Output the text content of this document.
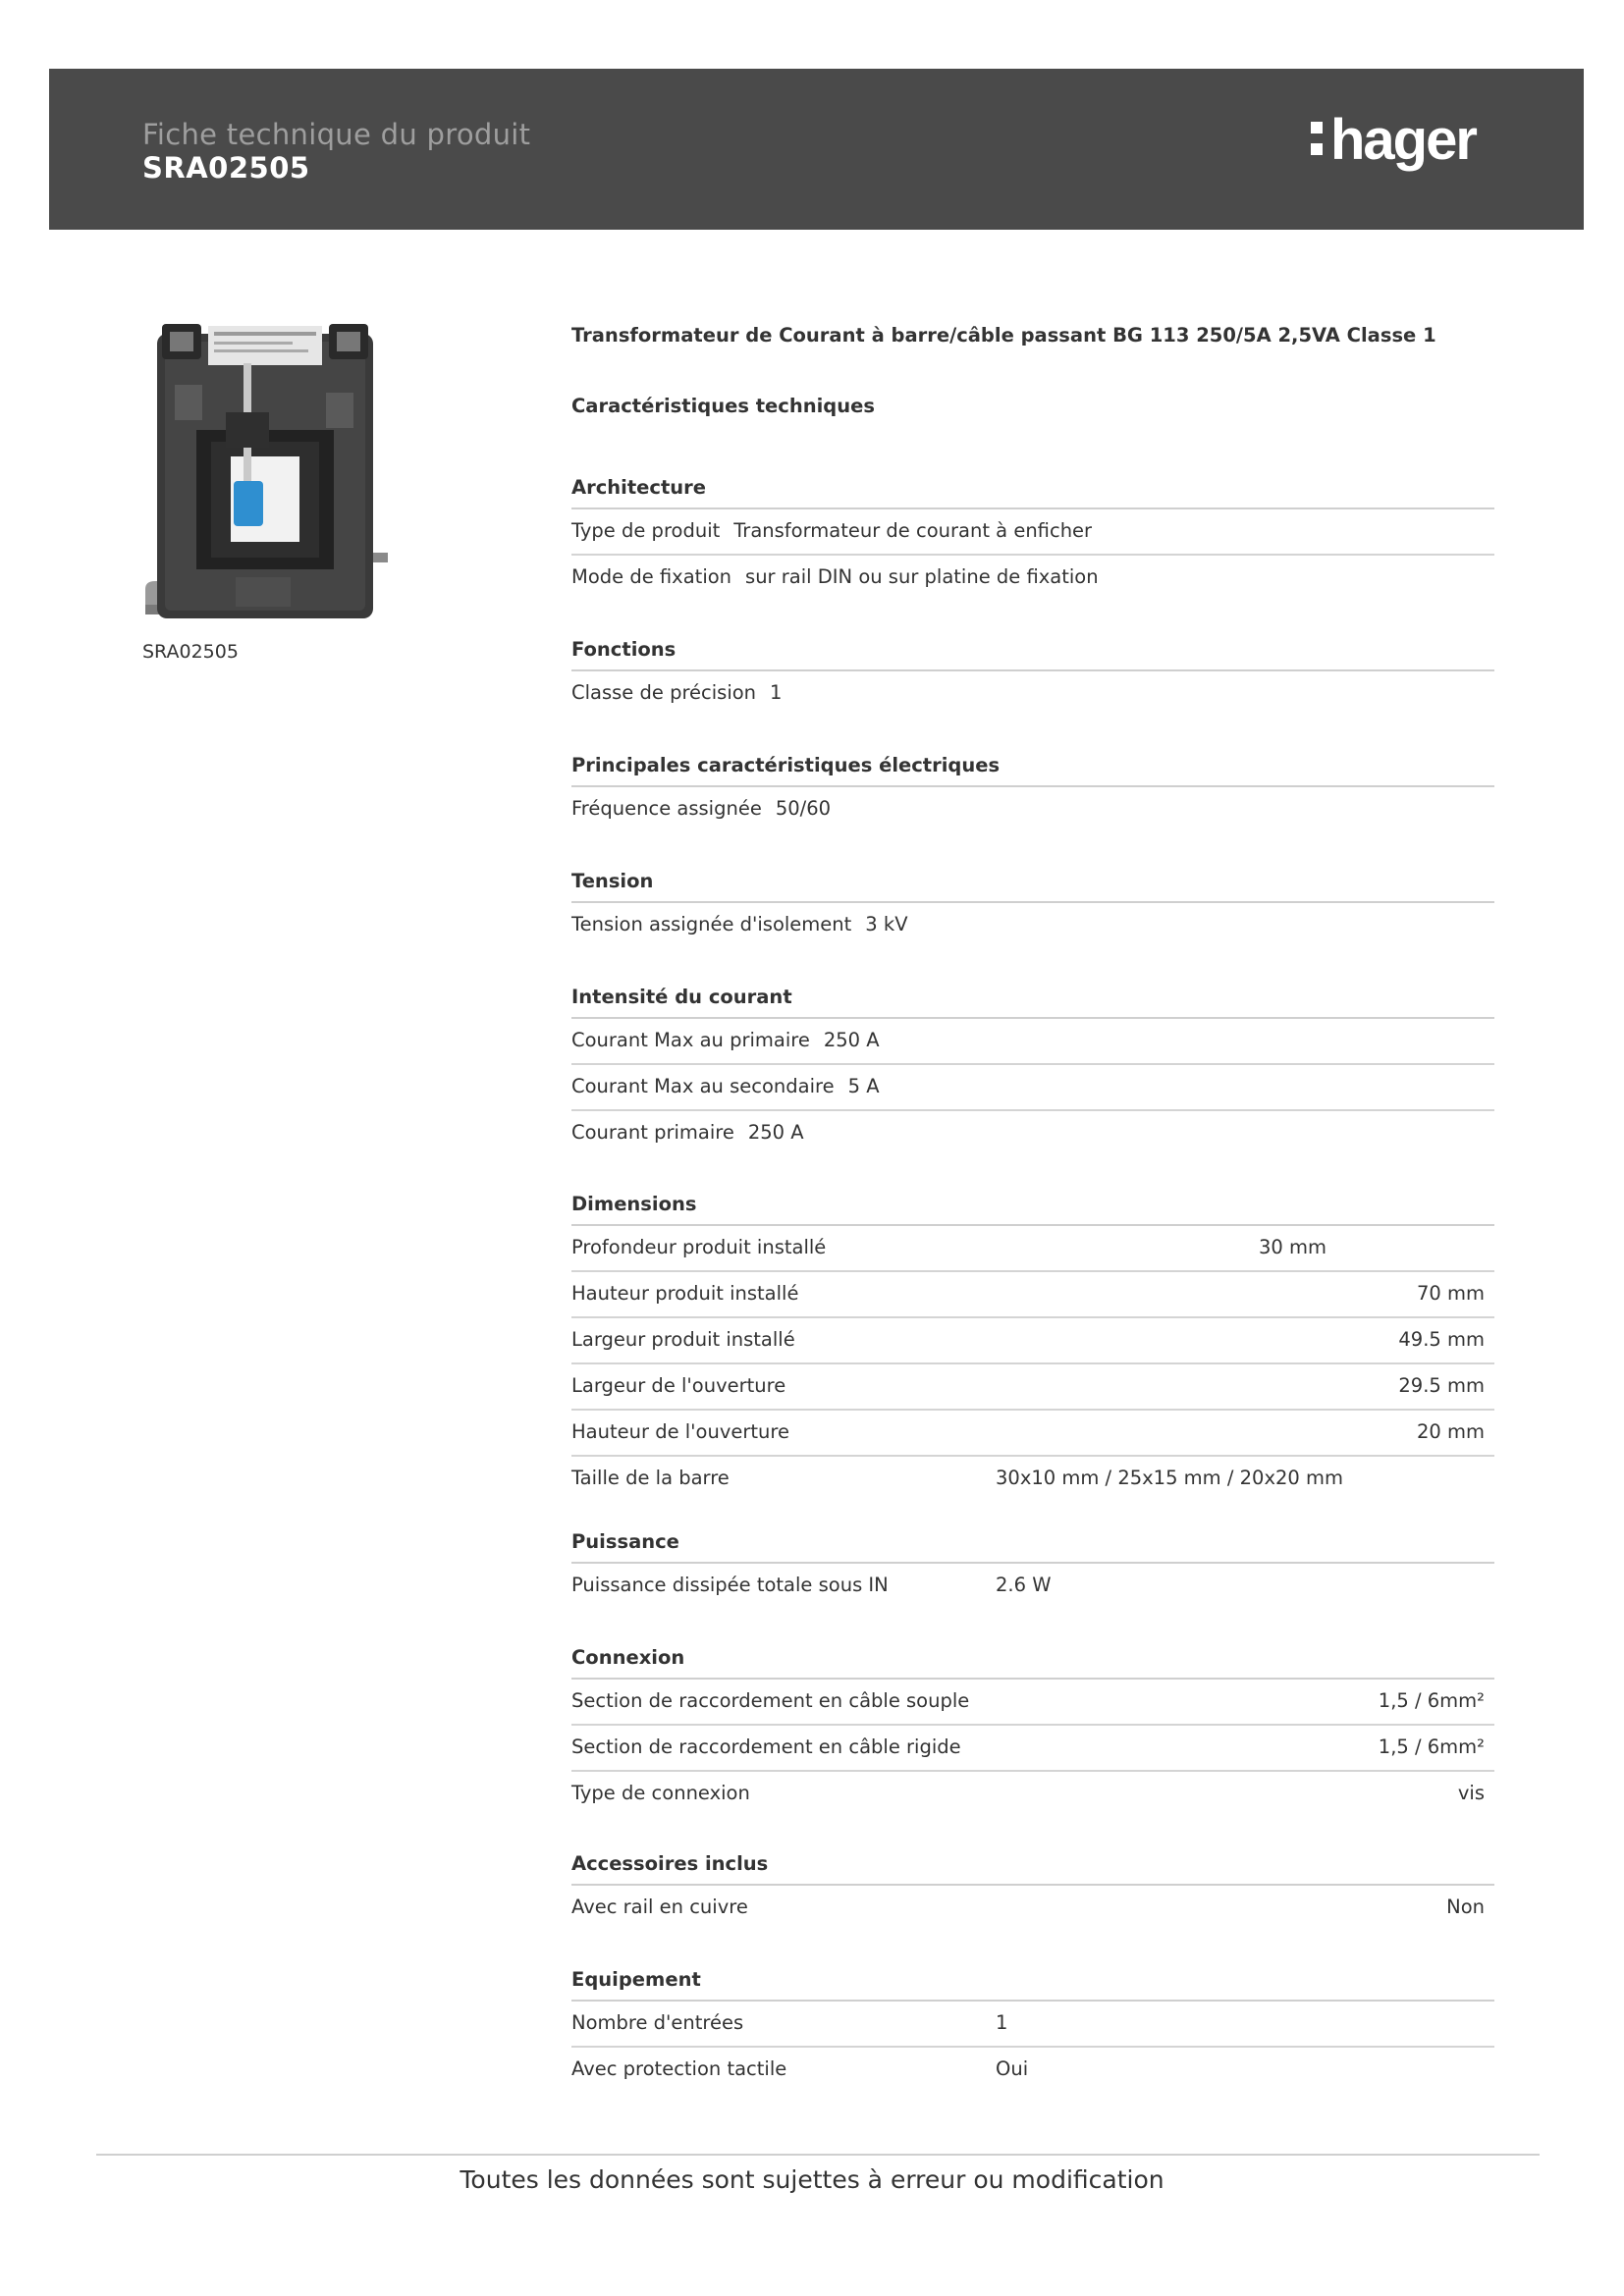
Fiche technique du produit
SRA02505	hager
SRA02505
Transformateur de Courant à barre/câble passant BG 113 250/5A 2,5VA Classe 1
Caractéristiques techniques
Architecture
Type de produit Transformateur de courant à enficher
Mode de fixation sur rail DIN ou sur platine de fixation
Fonctions
Classe de précision 1
Principales caractéristiques électriques
Fréquence assignée 50/60
Tension
Tension assignée d'isolement 3 kV
Intensité du courant
Courant Max au primaire 250 A
Courant Max au secondaire 5 A
Courant primaire 250 A
Dimensions
Profondeur produit installé	30 mm
Hauteur produit installé	70 mm
Largeur produit installé	49.5 mm
Largeur de l'ouverture	29.5 mm
Hauteur de l'ouverture	20 mm
Taille de la barre	30x10 mm / 25x15 mm / 20x20 mm
Puissance
Puissance dissipée totale sous IN	2.6 W
Connexion
Section de raccordement en câble souple	1,5 / 6mm²
Section de raccordement en câble rigide	1,5 / 6mm²
Type de connexion	vis
Accessoires inclus
Avec rail en cuivre	Non
Equipement
Nombre d'entrées	1
Avec protection tactile	Oui
Toutes les données sont sujettes à erreur ou modification
